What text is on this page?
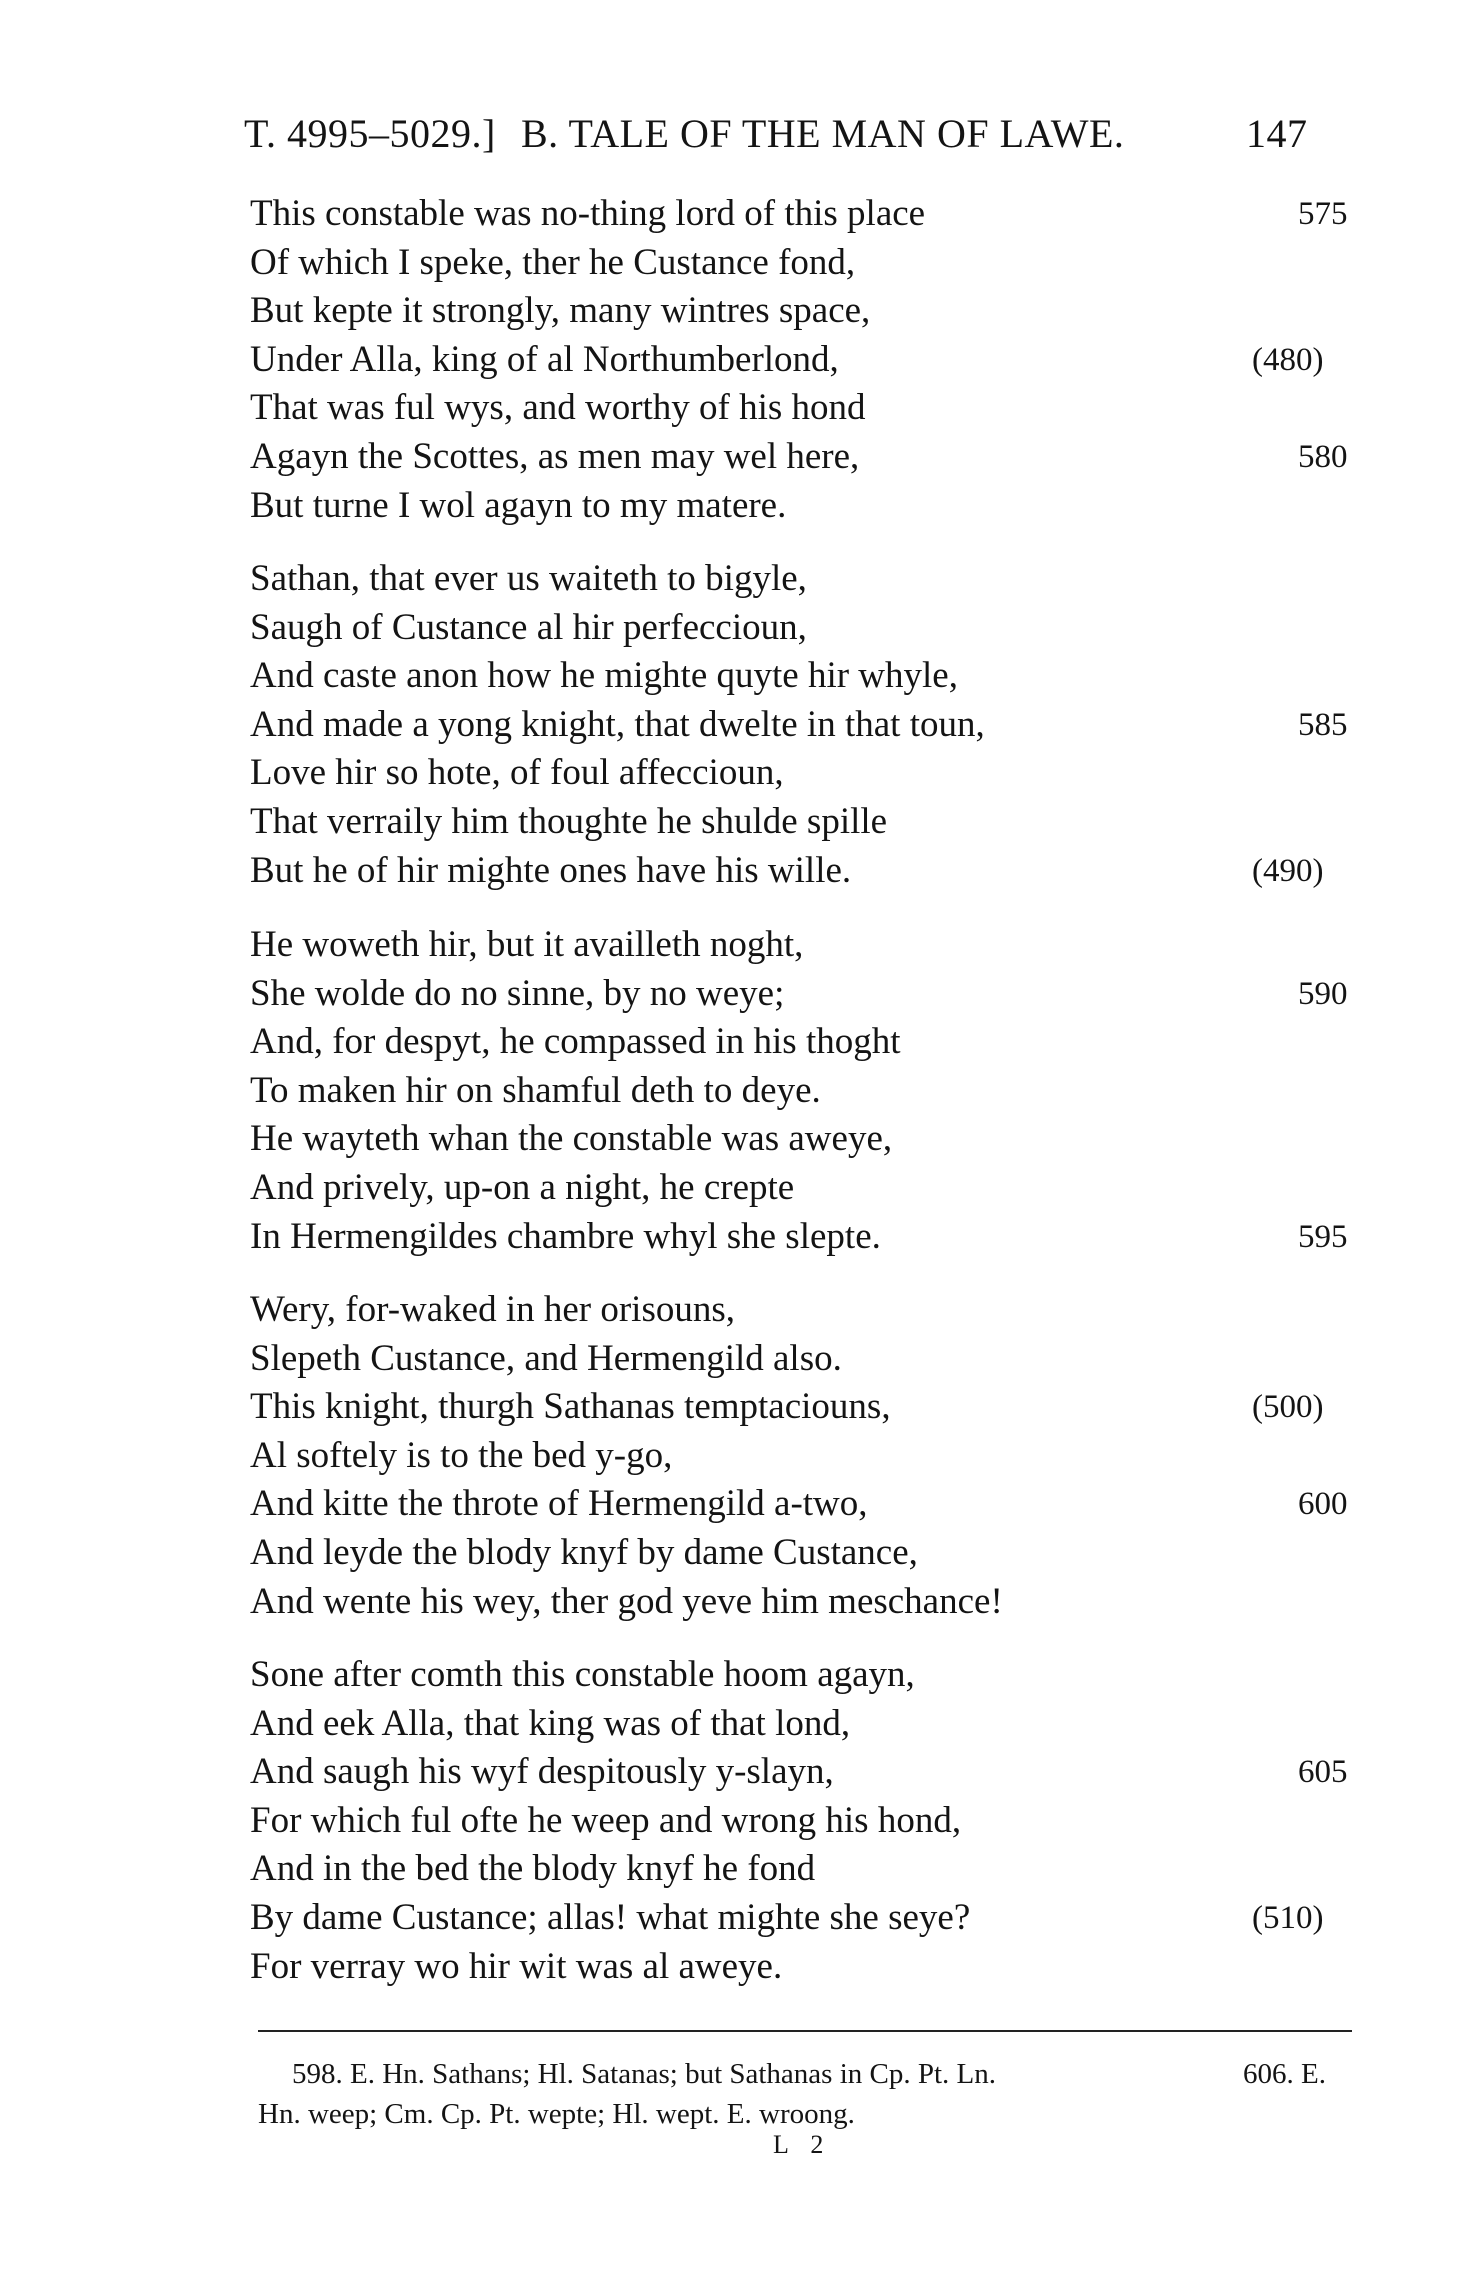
T. 4995–5029.] B. TALE OF THE MAN OF LAWE.	147
This constable was no-thing lord of this place	575
Of which I speke, ther he Custance fond,
But kepte it strongly, many wintres space,
Under Alla, king of al Northumberlond,	(480)
That was ful wys, and worthy of his hond
Agayn the Scottes, as men may wel here,	580
But turne I wol agayn to my matere.
Sathan, that ever us waiteth to bigyle,
Saugh of Custance al hir perfeccioun,
And caste anon how he mighte quyte hir whyle,
And made a yong knight, that dwelte in that toun,	585
Love hir so hote, of foul affeccioun,
That verraily him thoughte he shulde spille
But he of hir mighte ones have his wille.	(490)
He woweth hir, but it availleth noght,
She wolde do no sinne, by no weye;	590
And, for despyt, he compassed in his thoght
To maken hir on shamful deth to deye.
He wayteth whan the constable was aweye,
And prively, up-on a night, he crepte
In Hermengildes chambre whyl she slepte.	595
Wery, for-waked in her orisouns,
Slepeth Custance, and Hermengild also.
This knight, thurgh Sathanas temptaciouns,	(500)
Al softely is to the bed y-go,
And kitte the throte of Hermengild a-two,	600
And leyde the blody knyf by dame Custance,
And wente his wey, ther god yeve him meschance!
Sone after comth this constable hoom agayn,
And eek Alla, that king was of that lond,
And saugh his wyf despitously y-slayn,	605
For which ful ofte he weep and wrong his hond,
And in the bed the blody knyf he fond
By dame Custance; allas! what mighte she seye?	(510)
For verray wo hir wit was al aweye.
598. E. Hn. Sathans; Hl. Satanas; but Sathanas in Cp. Pt. Ln.	606. E.
Hn. weep; Cm. Cp. Pt. wepte; Hl. wept. E. wroong.
L 2
